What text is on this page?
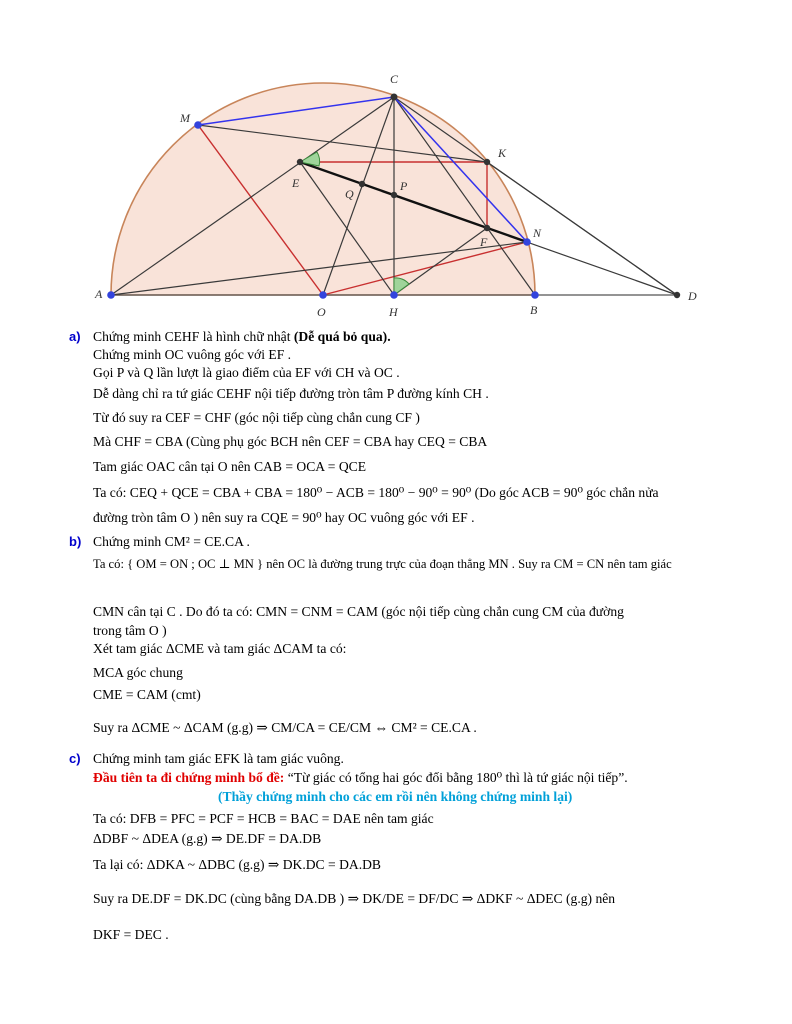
A
B
C
D
E
F
H
K
M
N
O
P
Q
a) Chứng minh CEHF là hình chữ nhật (Dễ quá bỏ qua).
Chứng minh OC vuông góc với EF .
Gọi P và Q lần lượt là giao điểm của EF với CH và OC .
Dễ dàng chỉ ra tứ giác CEHF nội tiếp đường tròn tâm P đường kính CH .
Từ đó suy ra CEF = CHF (góc nội tiếp cùng chắn cung CF )
Mà CHF = CBA (Cùng phụ góc BCH nên CEF = CBA hay CEQ = CBA
Tam giác OAC cân tại O nên CAB = OCA = QCE
Ta có: CEQ + QCE = CBA + CBA = 180⁰ − ACB = 180⁰ − 90⁰ = 90⁰ (Do góc ACB = 90⁰ góc chắn nửa
đường tròn tâm O ) nên suy ra CQE = 90⁰ hay OC vuông góc với EF .
b) Chứng minh CM² = CE.CA .
Ta có: { OM = ON ; OC ⊥ MN } nên OC là đường trung trực của đoạn thẳng MN . Suy ra CM = CN nên tam giác
CMN cân tại C . Do đó ta có: CMN = CNM = CAM (góc nội tiếp cùng chắn cung CM của đường
trong tâm O )
Xét tam giác ΔCME và tam giác ΔCAM ta có:
MCA góc chung
CME = CAM (cmt)
Suy ra ΔCME ~ ΔCAM (g.g) ⇒ CM/CA = CE/CM ⇔ CM² = CE.CA .
c) Chứng minh tam giác EFK là tam giác vuông.
Đầu tiên ta đi chứng minh bổ đề: “Từ giác có tổng hai góc đối bằng 180⁰ thì là tứ giác nội tiếp”.
(Thầy chứng minh cho các em rồi nên không chứng minh lại)
Ta có: DFB = PFC = PCF = HCB = BAC = DAE nên tam giác
ΔDBF ~ ΔDEA (g.g) ⇒ DE.DF = DA.DB
Ta lại có: ΔDKA ~ ΔDBC (g.g) ⇒ DK.DC = DA.DB
Suy ra DE.DF = DK.DC (cùng bằng DA.DB ) ⇒ DK/DE = DF/DC ⇒ ΔDKF ~ ΔDEC (g.g) nên
DKF = DEC .
